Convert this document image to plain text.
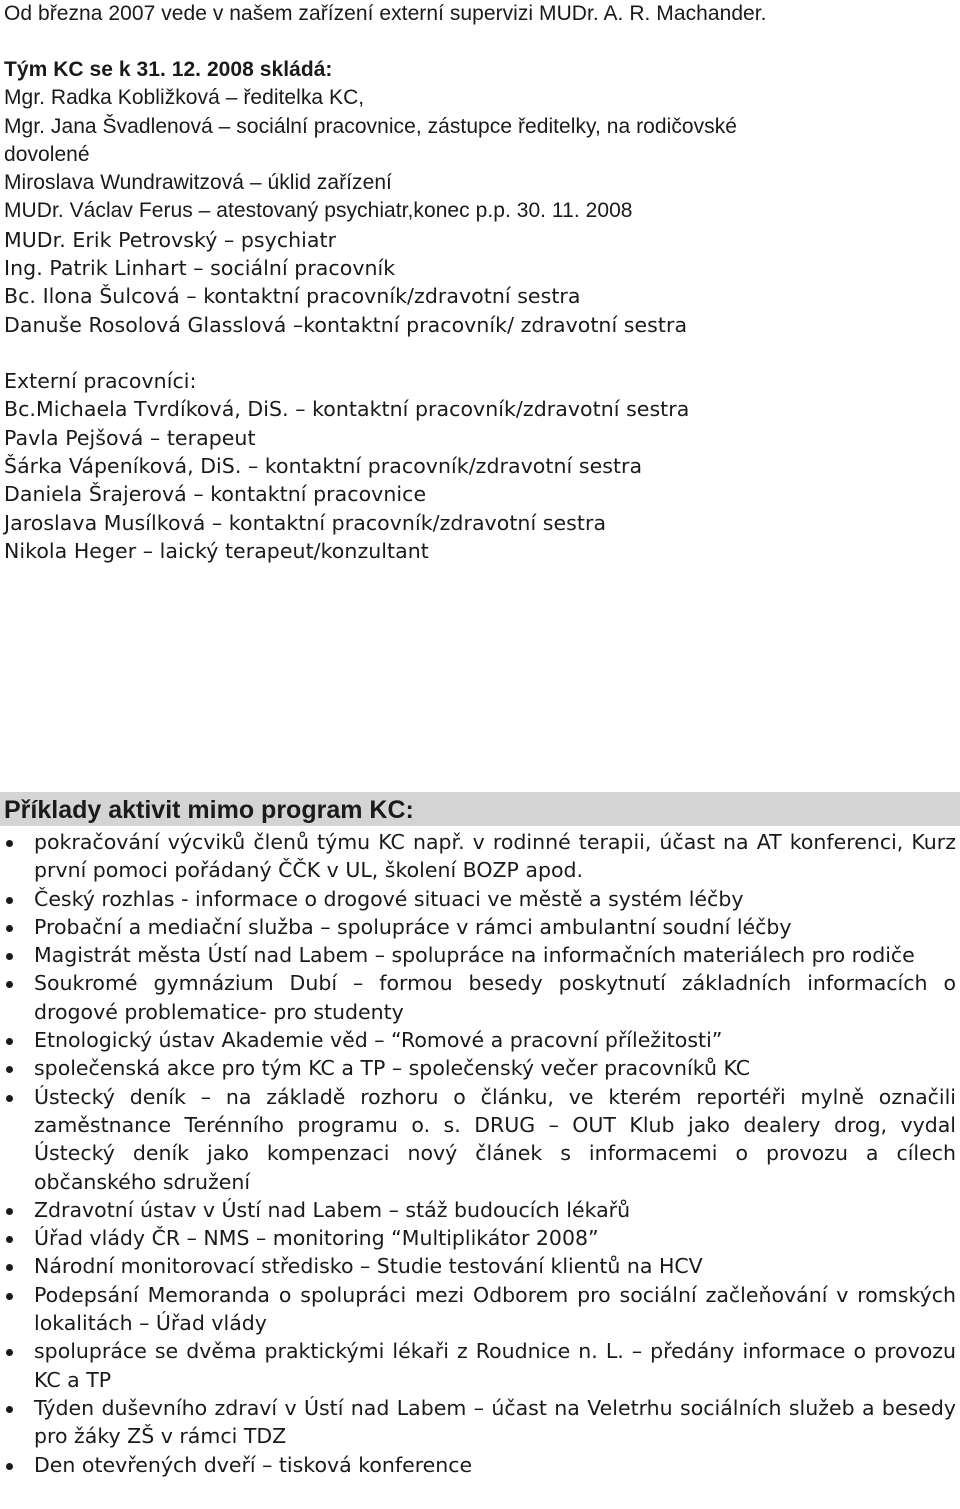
Od března 2007 vede v našem zařízení externí supervizi MUDr. A. R. Machander.
Tým KC se k 31. 12. 2008 skládá:
Mgr. Radka Kobližková – ředitelka KC,
Mgr. Jana Švadlenová – sociální pracovnice, zástupce ředitelky, na rodičovské
dovolené
Miroslava Wundrawitzová – úklid zařízení
MUDr. Václav Ferus – atestovaný psychiatr,konec p.p. 30. 11. 2008
MUDr. Erik Petrovský – psychiatr
Ing. Patrik Linhart – sociální pracovník
Bc. Ilona Šulcová – kontaktní pracovník/zdravotní sestra
Danuše Rosolová Glasslová –kontaktní pracovník/ zdravotní sestra
Externí pracovníci:
Bc.Michaela Tvrdíková, DiS. – kontaktní pracovník/zdravotní sestra
Pavla Pejšová – terapeut
Šárka Vápeníková, DiS. – kontaktní pracovník/zdravotní sestra
Daniela Šrajerová – kontaktní pracovnice
Jaroslava Musílková – kontaktní pracovník/zdravotní sestra
Nikola Heger – laický terapeut/konzultant
Příklady aktivit mimo program KC:
pokračování výcviků členů týmu KC např. v rodinné terapii, účast na AT konferenci, Kurz první pomoci pořádaný ČČK v UL, školení BOZP apod.
Český rozhlas - informace o drogové situaci ve městě a systém léčby
Probační a mediační služba – spolupráce v rámci ambulantní soudní léčby
Magistrát města Ústí nad Labem – spolupráce na informačních materiálech pro rodiče
Soukromé gymnázium Dubí – formou besedy poskytnutí základních informacích o drogové problematice- pro studenty
Etnologický ústav Akademie věd – “Romové a pracovní příležitosti”
společenská akce pro tým KC a TP – společenský večer pracovníků KC
Ústecký deník – na základě rozhoru o článku, ve kterém reportéři mylně označili zaměstnance Terénního programu o. s. DRUG – OUT Klub jako dealery drog, vydal Ústecký deník jako kompenzaci nový článek s informacemi o provozu a cílech občanského sdružení
Zdravotní ústav v Ústí nad Labem – stáž budoucích lékařů
Úřad vlády ČR – NMS – monitoring “Multiplikátor 2008”
Národní monitorovací středisko – Studie testování klientů na HCV
Podepsání Memoranda o spolupráci mezi Odborem pro sociální začleňování v romských lokalitách – Úřad vlády
spolupráce se dvěma praktickými lékaři z Roudnice n. L. – předány informace o provozu KC a TP
Týden duševního zdraví v Ústí nad Labem – účast na Veletrhu sociálních služeb a besedy pro žáky ZŠ v rámci TDZ
Den otevřených dveří – tisková konference
